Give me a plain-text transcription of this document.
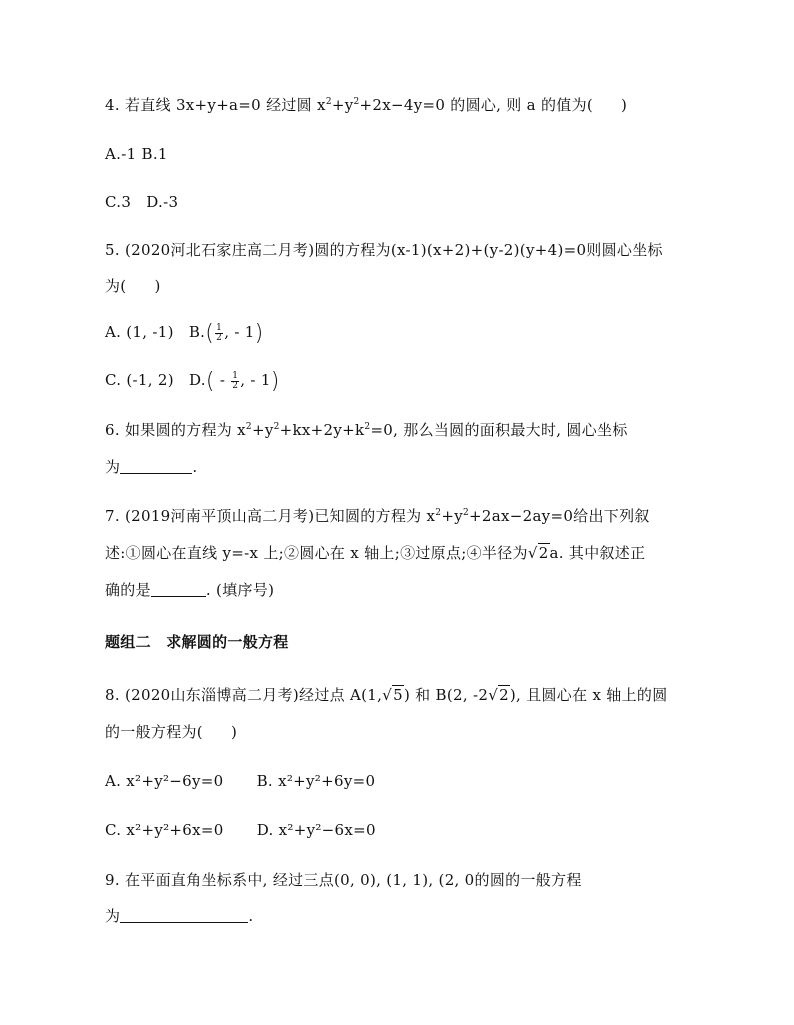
4. 若直线 3x+y+a=0 经过圆 $x^2+y^2+2x-4y=0$ 的圆心, 则 a 的值为( )
A.-1 B.1
C.3 D.-3
5. (2020河北石家庄高二月考)圆的方程为(x-1)(x+2)+(y-2)(y+4)=0则圆心坐标
为( )
A. (1, -1) $B.( \frac{1}{2}$ , - 1)
C. (-1, 2) $D.( - \frac{1}{2}$ , - 1)
6. 如果圆的方程为 $x^2+y^2+kx+2y+k^2=0$, 那么当圆的面积最大时, 圆心坐标
为	.
7. (2019河南平顶山高二月考)已知圆的方程为 $x^2+y^2+2ax-2ay=0$给出下列叙
述:①圆心在直线 y=-x 上;②圆心在 x 轴上;③过原点;④半径为√2a. 其中叙述正
确的是	. (填序号)
题组二　求解圆的一般方程
8. (2020山东淄博高二月考)经过点 A(1,√5) 和 B(2, -2√2), 且圆心在 x 轴上的圆
的一般方程为( )
A. x²+y²−6y=0 B. x²+y²+6y=0
C. x²+y²+6x=0 D. x²+y²−6x=0
9. 在平面直角坐标系中, 经过三点(0, 0), (1, 1), (2, 0的圆的一般方程
为	.
